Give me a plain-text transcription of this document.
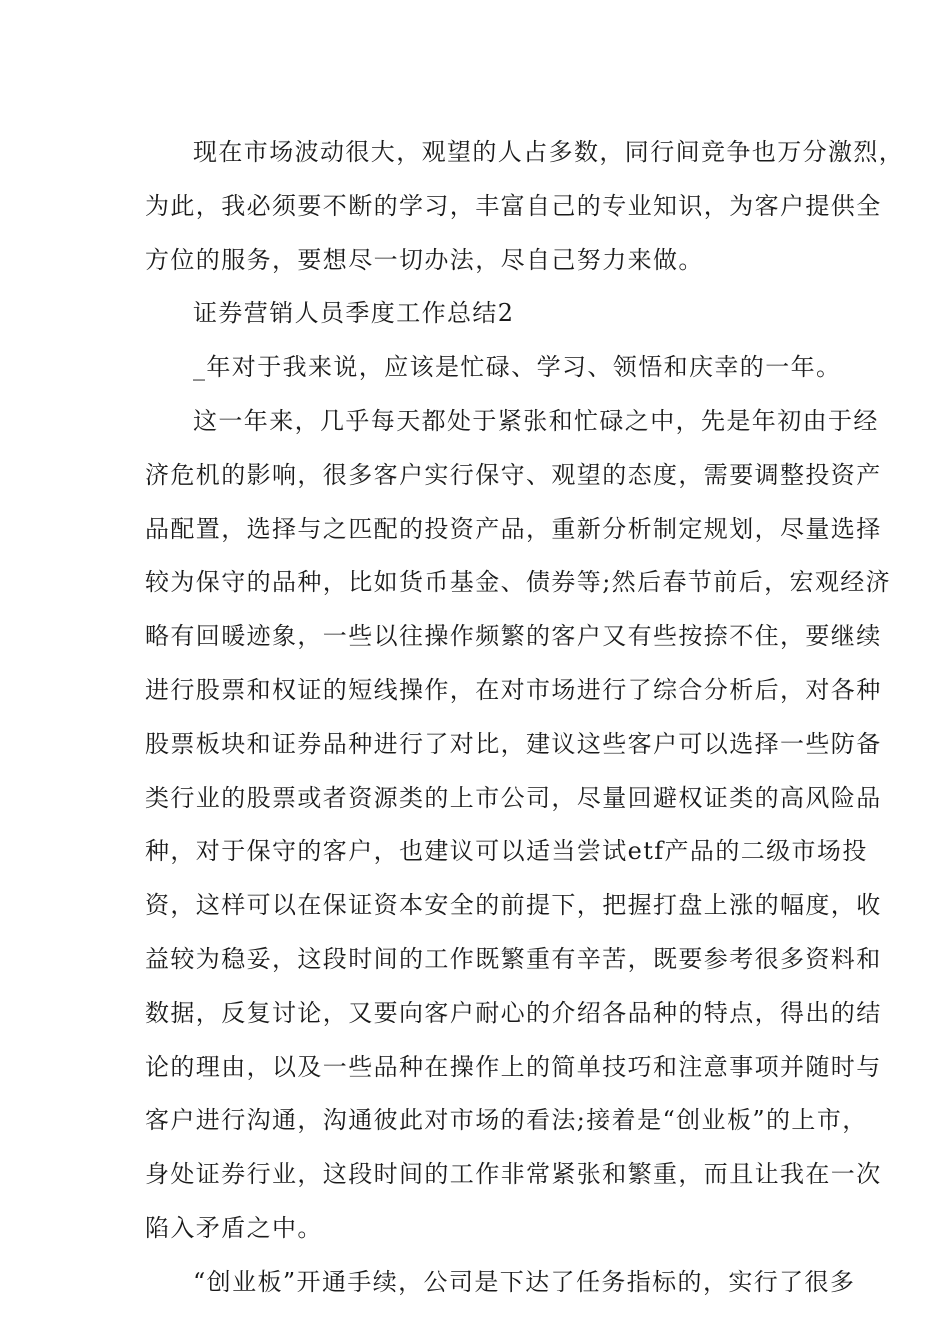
现在市场波动很大，观望的人占多数，同行间竞争也万分激烈，
为此，我必须要不断的学习，丰富自己的专业知识，为客户提供全
方位的服务，要想尽一切办法，尽自己努力来做。
证券营销人员季度工作总结2
_年对于我来说，应该是忙碌、学习、领悟和庆幸的一年。
这一年来，几乎每天都处于紧张和忙碌之中，先是年初由于经
济危机的影响，很多客户实行保守、观望的态度，需要调整投资产
品配置，选择与之匹配的投资产品，重新分析制定规划，尽量选择
较为保守的品种，比如货币基金、债券等;然后春节前后，宏观经济
略有回暖迹象，一些以往操作频繁的客户又有些按捺不住，要继续
进行股票和权证的短线操作，在对市场进行了综合分析后，对各种
股票板块和证券品种进行了对比，建议这些客户可以选择一些防备
类行业的股票或者资源类的上市公司，尽量回避权证类的高风险品
种，对于保守的客户，也建议可以适当尝试etf产品的二级市场投
资，这样可以在保证资本安全的前提下，把握打盘上涨的幅度，收
益较为稳妥，这段时间的工作既繁重有辛苦，既要参考很多资料和
数据，反复讨论，又要向客户耐心的介绍各品种的特点，得出的结
论的理由，以及一些品种在操作上的简单技巧和注意事项并随时与
客户进行沟通，沟通彼此对市场的看法;接着是“创业板”的上市，
身处证券行业，这段时间的工作非常紧张和繁重，而且让我在一次
陷入矛盾之中。
“创业板”开通手续，公司是下达了任务指标的，实行了很多
